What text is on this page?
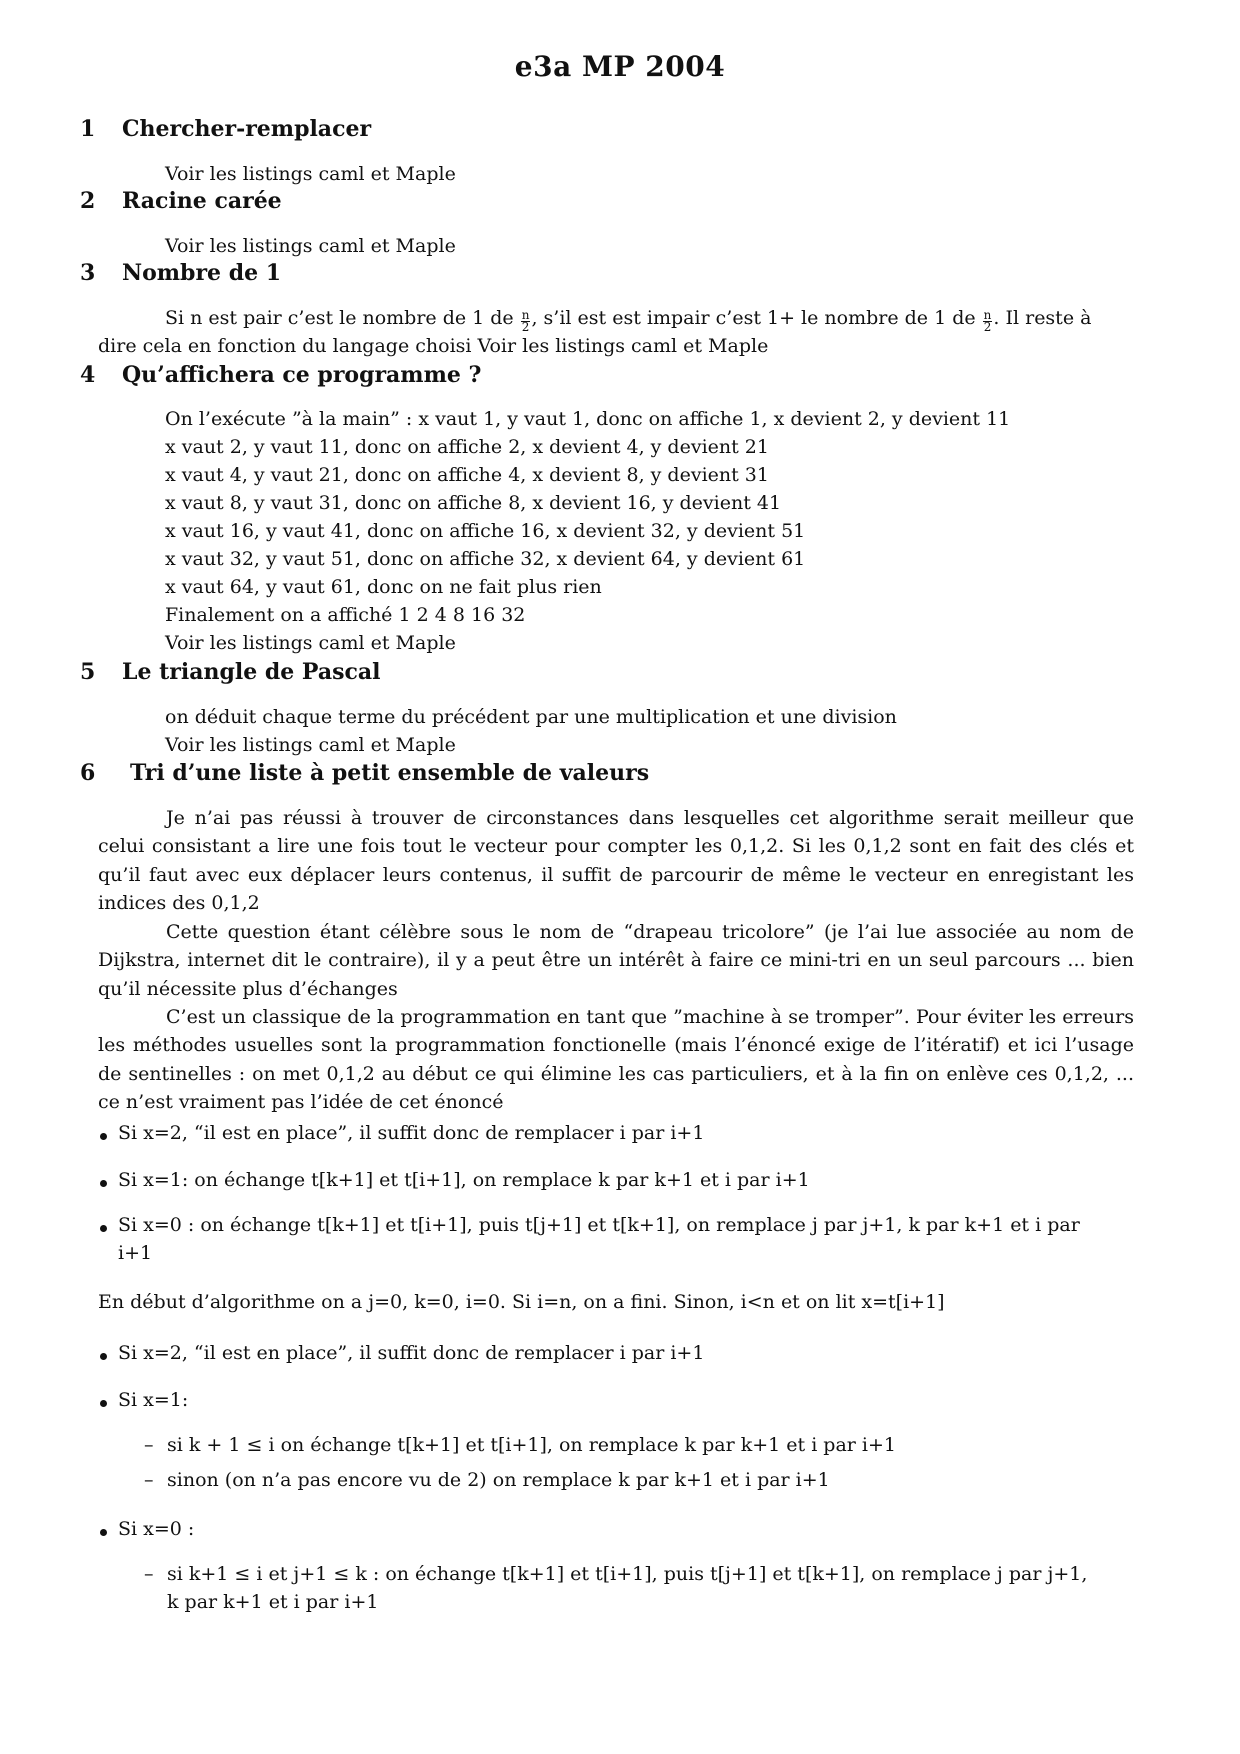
e3a MP 2004
1 Chercher-remplacer
Voir les listings caml et Maple
2 Racine carée
Voir les listings caml et Maple
3 Nombre de 1
Si n est pair c’est le nombre de 1 de $\frac{n}{2}$ , s’il est est impair c’est 1+ le nombre de 1 de $\frac{n}{2}$ . Il reste à
dire cela en fonction du langage choisi Voir les listings caml et Maple
4 Qu’affichera ce programme ?
On l’exécute ”à la main” : x vaut 1, y vaut 1, donc on affiche 1, x devient 2, y devient 11
x vaut 2, y vaut 11, donc on affiche 2, x devient 4, y devient 21
x vaut 4, y vaut 21, donc on affiche 4, x devient 8, y devient 31
x vaut 8, y vaut 31, donc on affiche 8, x devient 16, y devient 41
x vaut 16, y vaut 41, donc on affiche 16, x devient 32, y devient 51
x vaut 32, y vaut 51, donc on affiche 32, x devient 64, y devient 61
x vaut 64, y vaut 61, donc on ne fait plus rien
Finalement on a affiché 1 2 4 8 16 32
Voir les listings caml et Maple
5 Le triangle de Pascal
on déduit chaque terme du précédent par une multiplication et une division
Voir les listings caml et Maple
6 Tri d’une liste à petit ensemble de valeurs
Je n’ai pas réussi à trouver de circonstances dans lesquelles cet algorithme serait meilleur que celui consistant a lire une fois tout le vecteur pour compter les 0,1,2. Si les 0,1,2 sont en fait des clés et qu’il faut avec eux déplacer leurs contenus, il suffit de parcourir de même le vecteur en enregistant les indices des 0,1,2
Cette question étant célèbre sous le nom de “drapeau tricolore” (je l’ai lue associée au nom de Dijkstra, internet dit le contraire), il y a peut être un intérêt à faire ce mini-tri en un seul parcours ... bien qu’il nécessite plus d’échanges
C’est un classique de la programmation en tant que ”machine à se tromper”. Pour éviter les erreurs les méthodes usuelles sont la programmation fonctionelle (mais l’énoncé exige de l’itératif) et ici l’usage de sentinelles : on met 0,1,2 au début ce qui élimine les cas particuliers, et à la fin on enlève ces 0,1,2, ... ce n’est vraiment pas l’idée de cet énoncé
Si x=2, “il est en place”, il suffit donc de remplacer i par i+1
Si x=1: on échange t[k+1] et t[i+1], on remplace k par k+1 et i par i+1
Si x=0 : on échange t[k+1] et t[i+1], puis t[j+1] et t[k+1], on remplace j par j+1, k par k+1 et i par
i+1
En début d’algorithme on a j=0, k=0, i=0. Si i=n, on a fini. Sinon, i<n et on lit x=t[i+1]
Si x=2, “il est en place”, il suffit donc de remplacer i par i+1
Si x=1:
– si k + 1 ≤ i on échange t[k+1] et t[i+1], on remplace k par k+1 et i par i+1
– sinon (on n’a pas encore vu de 2) on remplace k par k+1 et i par i+1
Si x=0 :
– si k+1 ≤ i et j+1 ≤ k : on échange t[k+1] et t[i+1], puis t[j+1] et t[k+1], on remplace j par j+1,
k par k+1 et i par i+1
